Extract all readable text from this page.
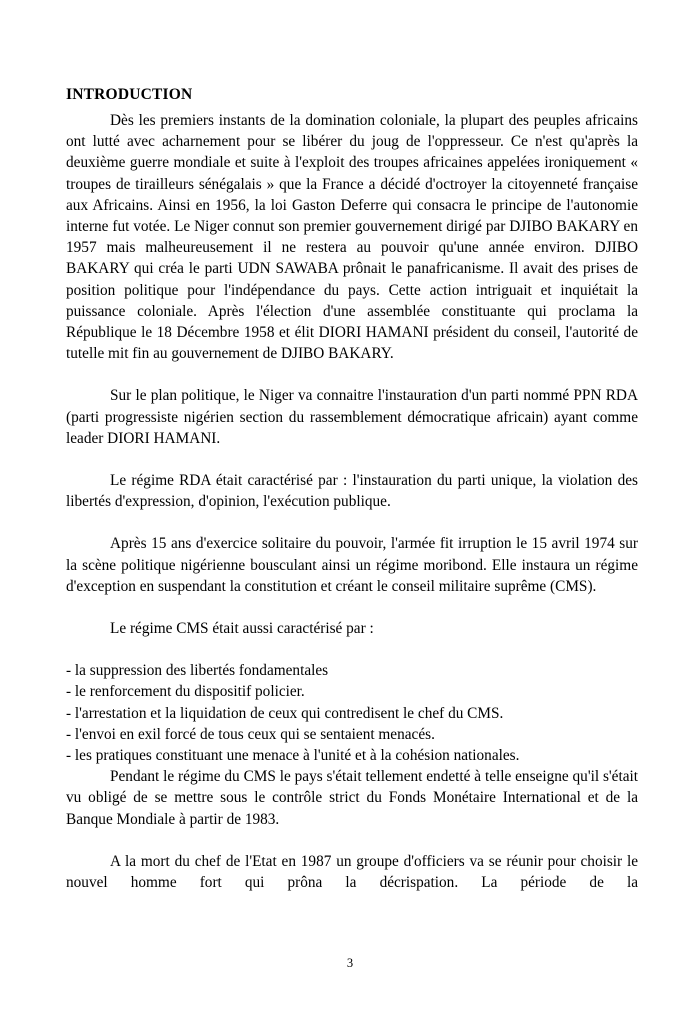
INTRODUCTION

Dès les premiers instants de la domination coloniale, la plupart des peuples africains ont lutté avec acharnement pour se libérer du joug de l'oppresseur. Ce n'est qu'après la deuxième guerre mondiale et suite à l'exploit des troupes africaines appelées ironiquement « troupes de tirailleurs sénégalais » que la France a décidé d'octroyer la citoyenneté française aux Africains. Ainsi en 1956, la loi Gaston Deferre qui consacra le principe de l'autonomie interne fut votée. Le Niger connut son premier gouvernement dirigé par DJIBO BAKARY en 1957 mais malheureusement il ne restera au pouvoir qu'une année environ. DJIBO BAKARY qui créa le parti UDN SAWABA prônait le panafricanisme. Il avait des prises de position politique pour l'indépendance du pays. Cette action intriguait et inquiétait la puissance coloniale. Après l'élection d'une assemblée constituante qui proclama la République le 18 Décembre 1958 et élit DIORI HAMANI président du conseil, l'autorité de tutelle mit fin au gouvernement de DJIBO BAKARY.

Sur le plan politique, le Niger va connaitre l'instauration d'un parti nommé PPN RDA (parti progressiste nigérien section du rassemblement démocratique africain) ayant comme leader DIORI HAMANI.

Le régime RDA était caractérisé par : l'instauration du parti unique, la violation des libertés d'expression, d'opinion, l'exécution publique.

Après 15 ans d'exercice solitaire du pouvoir, l'armée fit irruption le 15 avril 1974 sur la scène politique nigérienne bousculant ainsi un régime moribond. Elle instaura un régime d'exception en suspendant la constitution et créant le conseil militaire suprême (CMS).

Le régime CMS était aussi caractérisé par :

- la suppression des libertés fondamentales
- le renforcement du dispositif policier.
- l'arrestation et la liquidation de ceux qui contredisent le chef du CMS.
- l'envoi en exil forcé de tous ceux qui se sentaient menacés.
- les pratiques constituant une menace à l'unité et à la cohésion nationales.

Pendant le régime du CMS le pays s'était tellement endetté à telle enseigne qu'il s'était vu obligé de se mettre sous le contrôle strict du Fonds Monétaire International et de la Banque Mondiale à partir de 1983.

A la mort du chef de l'Etat en 1987 un groupe d'officiers va se réunir pour choisir le nouvel homme fort qui prôna la décrispation. La période de la

3
